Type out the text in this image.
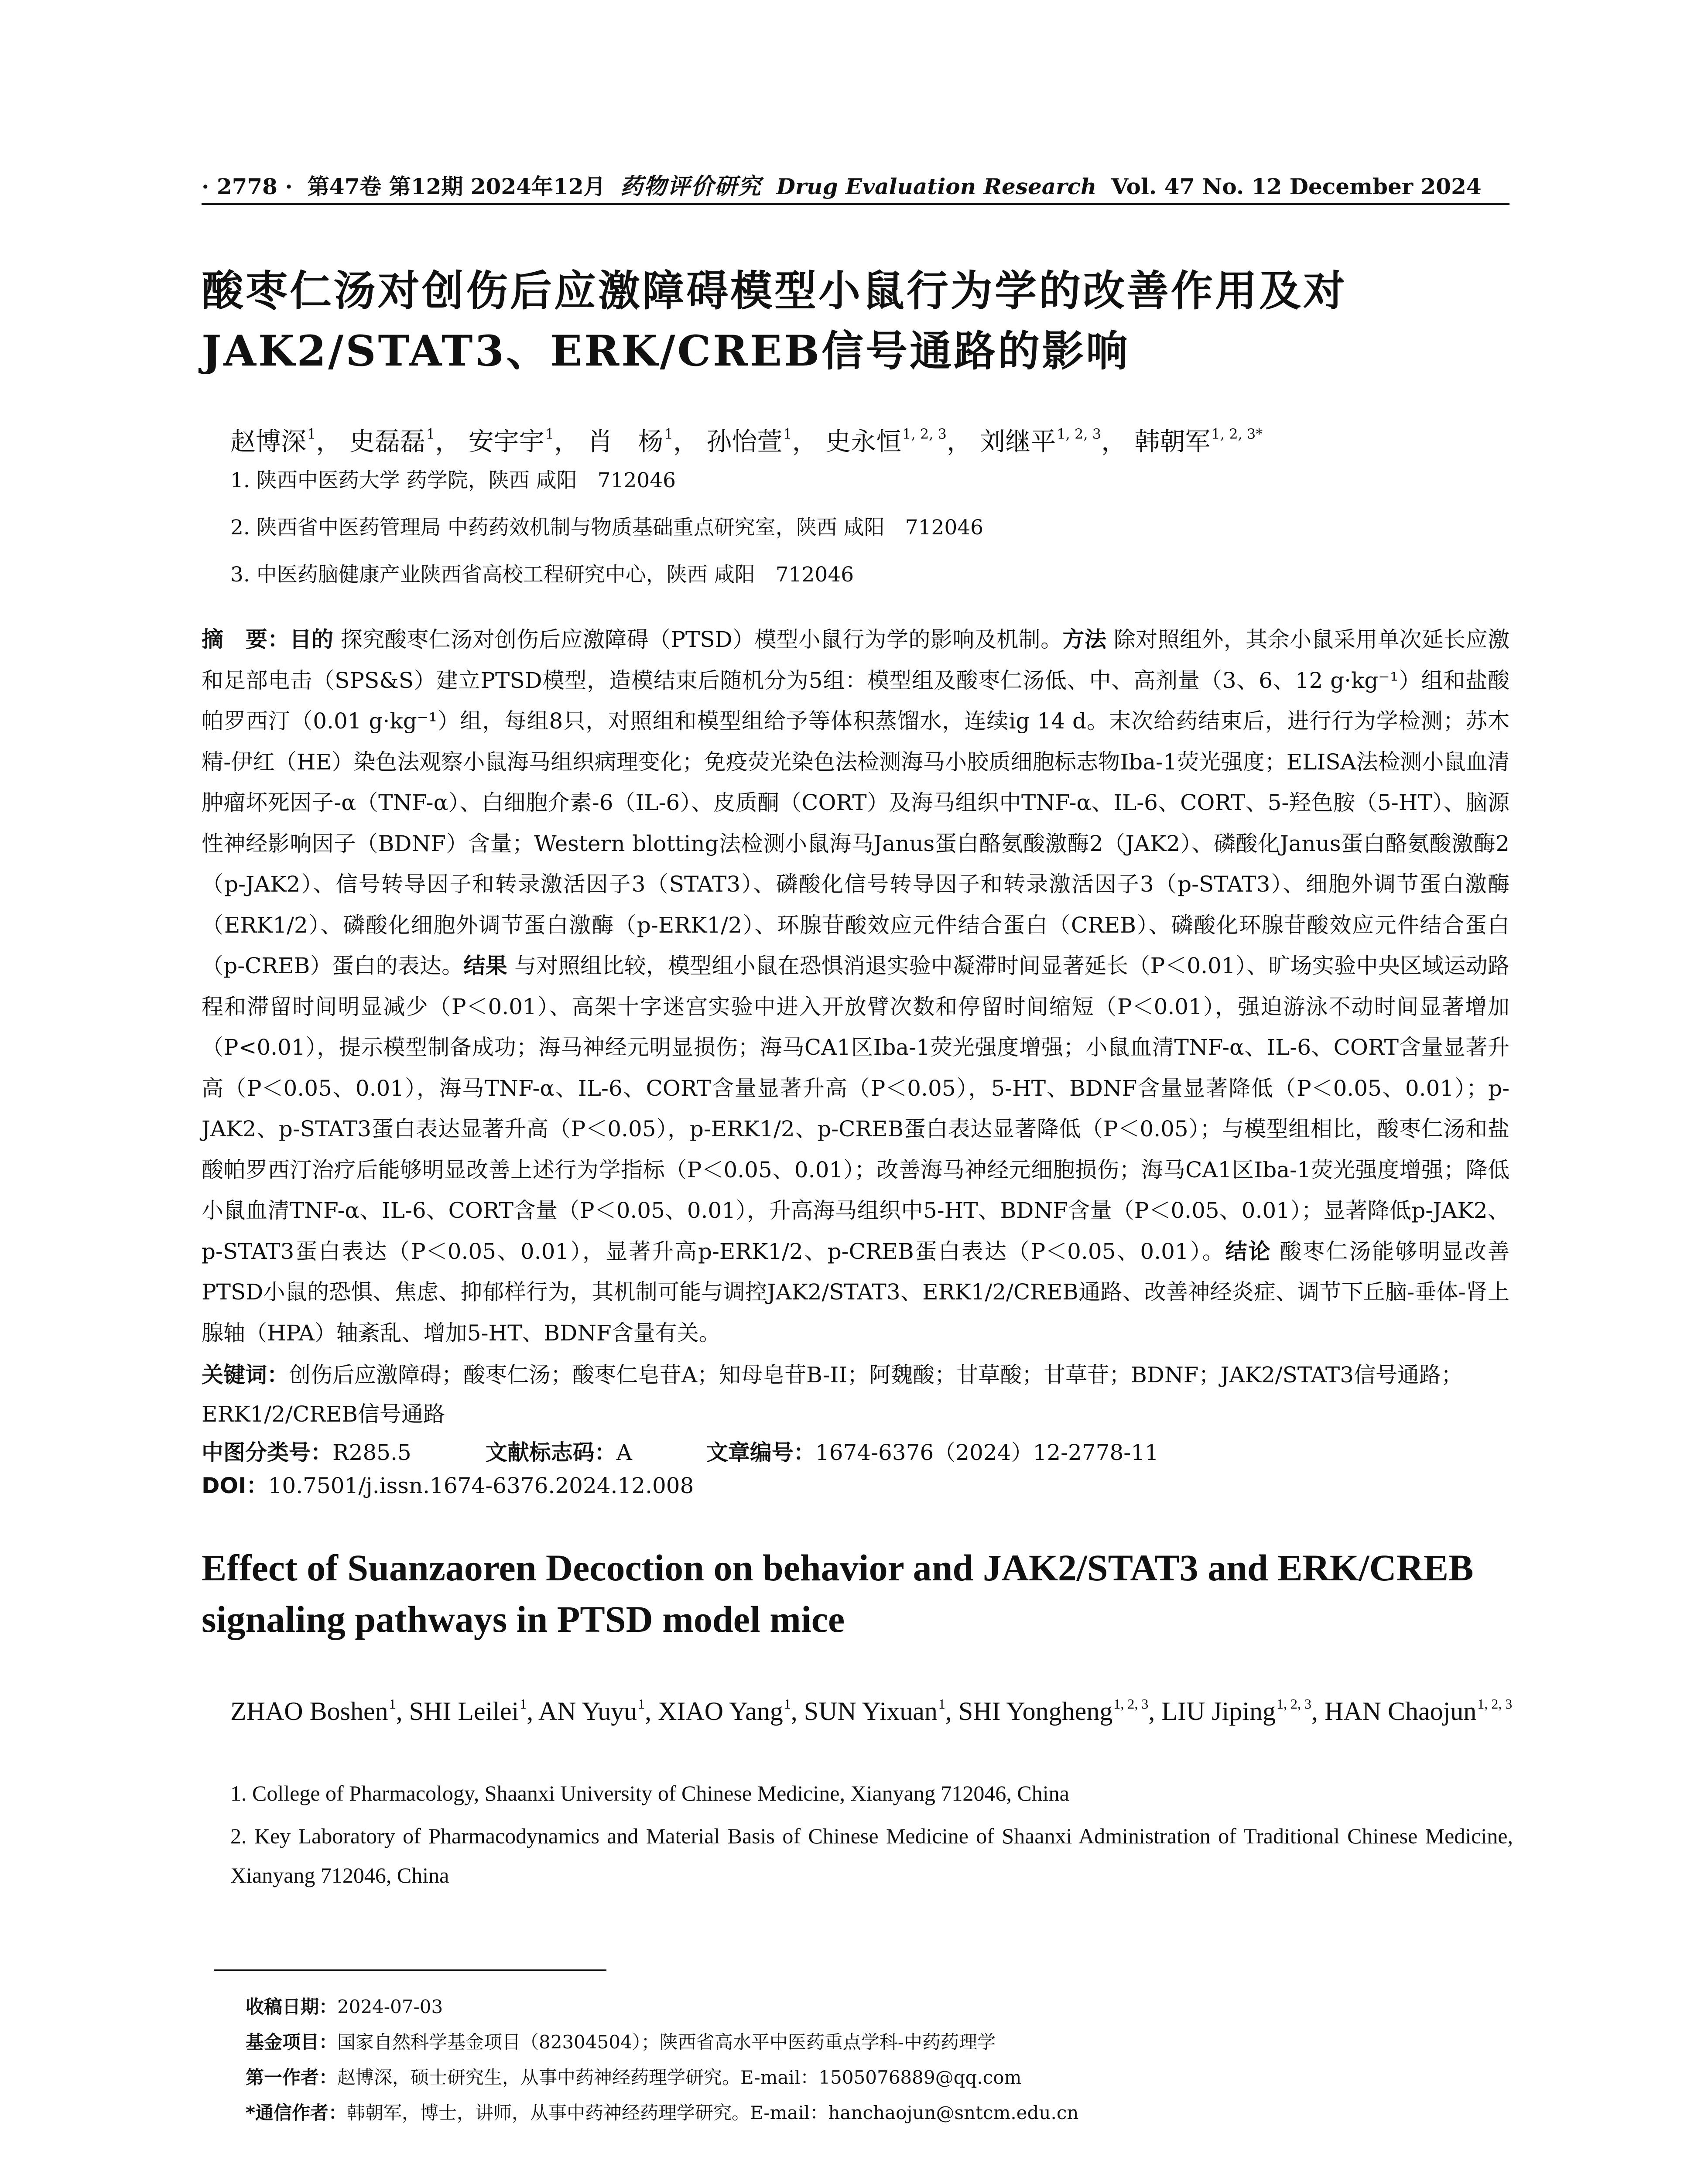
· 2778 · 第47卷 第12期 2024年12月 药物评价研究 Drug Evaluation Research Vol. 47 No. 12 December 2024
酸枣仁汤对创伤后应激障碍模型小鼠行为学的改善作用及对JAK2/STAT3、ERK/CREB信号通路的影响
赵博深$^1$， 史磊磊$^1$， 安宇宇$^1$， 肖　杨$^1$， 孙怡萱$^1$， 史永恒$^{1, 2, 3}$， 刘继平$^{1, 2, 3}$， 韩朝军$^{1, 2, 3*}$
1. 陕西中医药大学 药学院，陕西 咸阳　712046
2. 陕西省中医药管理局 中药药效机制与物质基础重点研究室，陕西 咸阳　712046
3. 中医药脑健康产业陕西省高校工程研究中心，陕西 咸阳　712046
摘　要：目的 探究酸枣仁汤对创伤后应激障碍（PTSD）模型小鼠行为学的影响及机制。方法 除对照组外，其余小鼠采用单次延长应激和足部电击（SPS&S）建立PTSD模型，造模结束后随机分为5组：模型组及酸枣仁汤低、中、高剂量（3、6、12 g·kg⁻¹）组和盐酸帕罗西汀（0.01 g·kg⁻¹）组，每组8只，对照组和模型组给予等体积蒸馏水，连续ig 14 d。末次给药结束后，进行行为学检测；苏木精-伊红（HE）染色法观察小鼠海马组织病理变化；免疫荧光染色法检测海马小胶质细胞标志物Iba-1荧光强度；ELISA法检测小鼠血清肿瘤坏死因子-α（TNF-α）、白细胞介素-6（IL-6）、皮质酮（CORT）及海马组织中TNF-α、IL-6、CORT、5-羟色胺（5-HT）、脑源性神经影响因子（BDNF）含量；Western blotting法检测小鼠海马Janus蛋白酪氨酸激酶2（JAK2）、磷酸化Janus蛋白酪氨酸激酶2（p-JAK2）、信号转导因子和转录激活因子3（STAT3）、磷酸化信号转导因子和转录激活因子3（p-STAT3）、细胞外调节蛋白激酶（ERK1/2）、磷酸化细胞外调节蛋白激酶（p-ERK1/2）、环腺苷酸效应元件结合蛋白（CREB）、磷酸化环腺苷酸效应元件结合蛋白（p-CREB）蛋白的表达。结果 与对照组比较，模型组小鼠在恐惧消退实验中凝滞时间显著延长（P＜0.01）、旷场实验中央区域运动路程和滞留时间明显减少（P＜0.01）、高架十字迷宫实验中进入开放臂次数和停留时间缩短（P＜0.01），强迫游泳不动时间显著增加（P<0.01），提示模型制备成功；海马神经元明显损伤；海马CA1区Iba-1荧光强度增强；小鼠血清TNF-α、IL-6、CORT含量显著升高（P＜0.05、0.01），海马TNF-α、IL-6、CORT含量显著升高（P＜0.05），5-HT、BDNF含量显著降低（P＜0.05、0.01）；p-JAK2、p-STAT3蛋白表达显著升高（P＜0.05），p-ERK1/2、p-CREB蛋白表达显著降低（P＜0.05）；与模型组相比，酸枣仁汤和盐酸帕罗西汀治疗后能够明显改善上述行为学指标（P＜0.05、0.01）；改善海马神经元细胞损伤；海马CA1区Iba-1荧光强度增强；降低小鼠血清TNF-α、IL-6、CORT含量（P＜0.05、0.01），升高海马组织中5-HT、BDNF含量（P＜0.05、0.01）；显著降低p-JAK2、p-STAT3蛋白表达（P＜0.05、0.01），显著升高p-ERK1/2、p-CREB蛋白表达（P＜0.05、0.01）。结论 酸枣仁汤能够明显改善PTSD小鼠的恐惧、焦虑、抑郁样行为，其机制可能与调控JAK2/STAT3、ERK1/2/CREB通路、改善神经炎症、调节下丘脑-垂体-肾上腺轴（HPA）轴紊乱、增加5-HT、BDNF含量有关。
关键词：创伤后应激障碍；酸枣仁汤；酸枣仁皂苷A；知母皂苷B-II；阿魏酸；甘草酸；甘草苷；BDNF；JAK2/STAT3信号通路；ERK1/2/CREB信号通路
中图分类号：R285.5	文献标志码：A	文章编号：1674-6376（2024）12-2778-11
DOI：10.7501/j.issn.1674-6376.2024.12.008
Effect of Suanzaoren Decoction on behavior and JAK2/STAT3 and ERK/CREB signaling pathways in PTSD model mice
ZHAO Boshen$^1$, SHI Leilei$^1$, AN Yuyu$^1$, XIAO Yang$^1$, SUN Yixuan$^1$, SHI Yongheng$^{1, 2, 3}$, LIU Jiping$^{1, 2, 3}$, HAN Chaojun$^{1, 2, 3}$

1. College of Pharmacology, Shaanxi University of Chinese Medicine, Xianyang 712046, China

2. Key Laboratory of Pharmacodynamics and Material Basis of Chinese Medicine of Shaanxi Administration of Traditional Chinese Medicine, Xianyang 712046, China

收稿日期：2024-07-03
基金项目：国家自然科学基金项目（82304504）；陕西省高水平中医药重点学科-中药药理学
第一作者：赵博深，硕士研究生，从事中药神经药理学研究。E-mail：1505076889@qq.com
*通信作者：韩朝军，博士，讲师，从事中药神经药理学研究。E-mail：hanchaojun@sntcm.edu.cn
